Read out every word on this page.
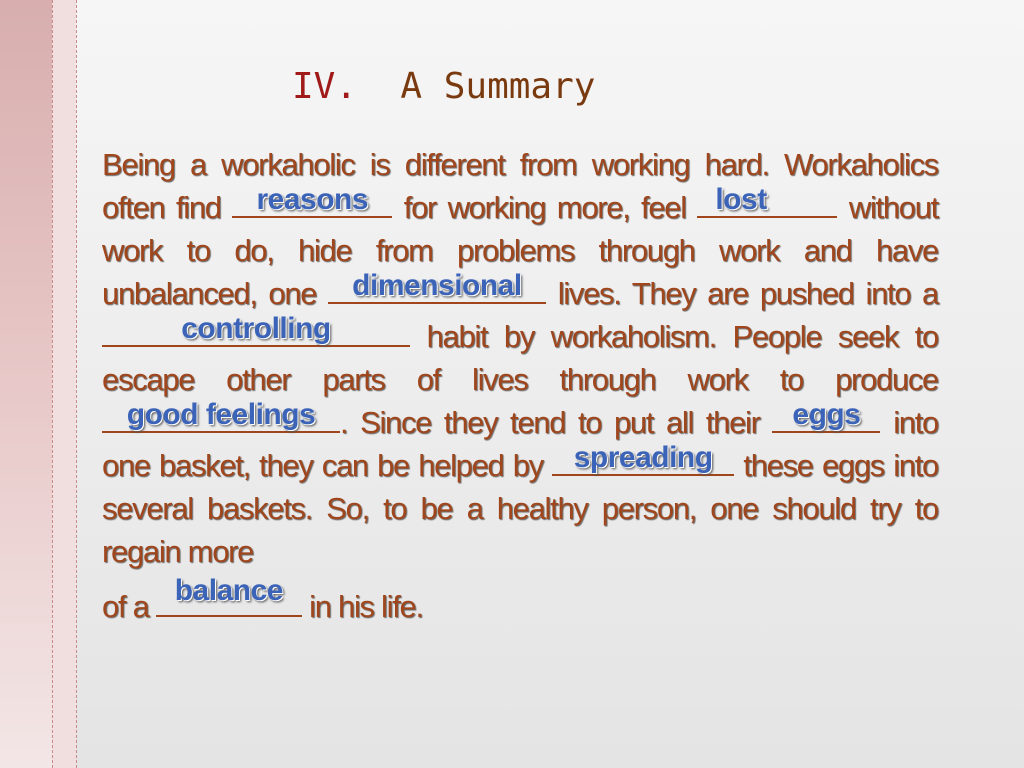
IV. A Summary

Being a workaholic is different from working hard. Workaholics often find	reasons	for working more, feel lost	without work to do, hide from problems through work and have unbalanced, one	dimensional	lives. They are pushed into a
controlling	habit by workaholism. People seek to escape other parts of lives through work to produce
good feelings . Since they tend to put all their	eggs	into one basket, they can be helped by	spreading these eggs into several baskets. So, to be a healthy person, one should try to regain more

of a balance in his life.
